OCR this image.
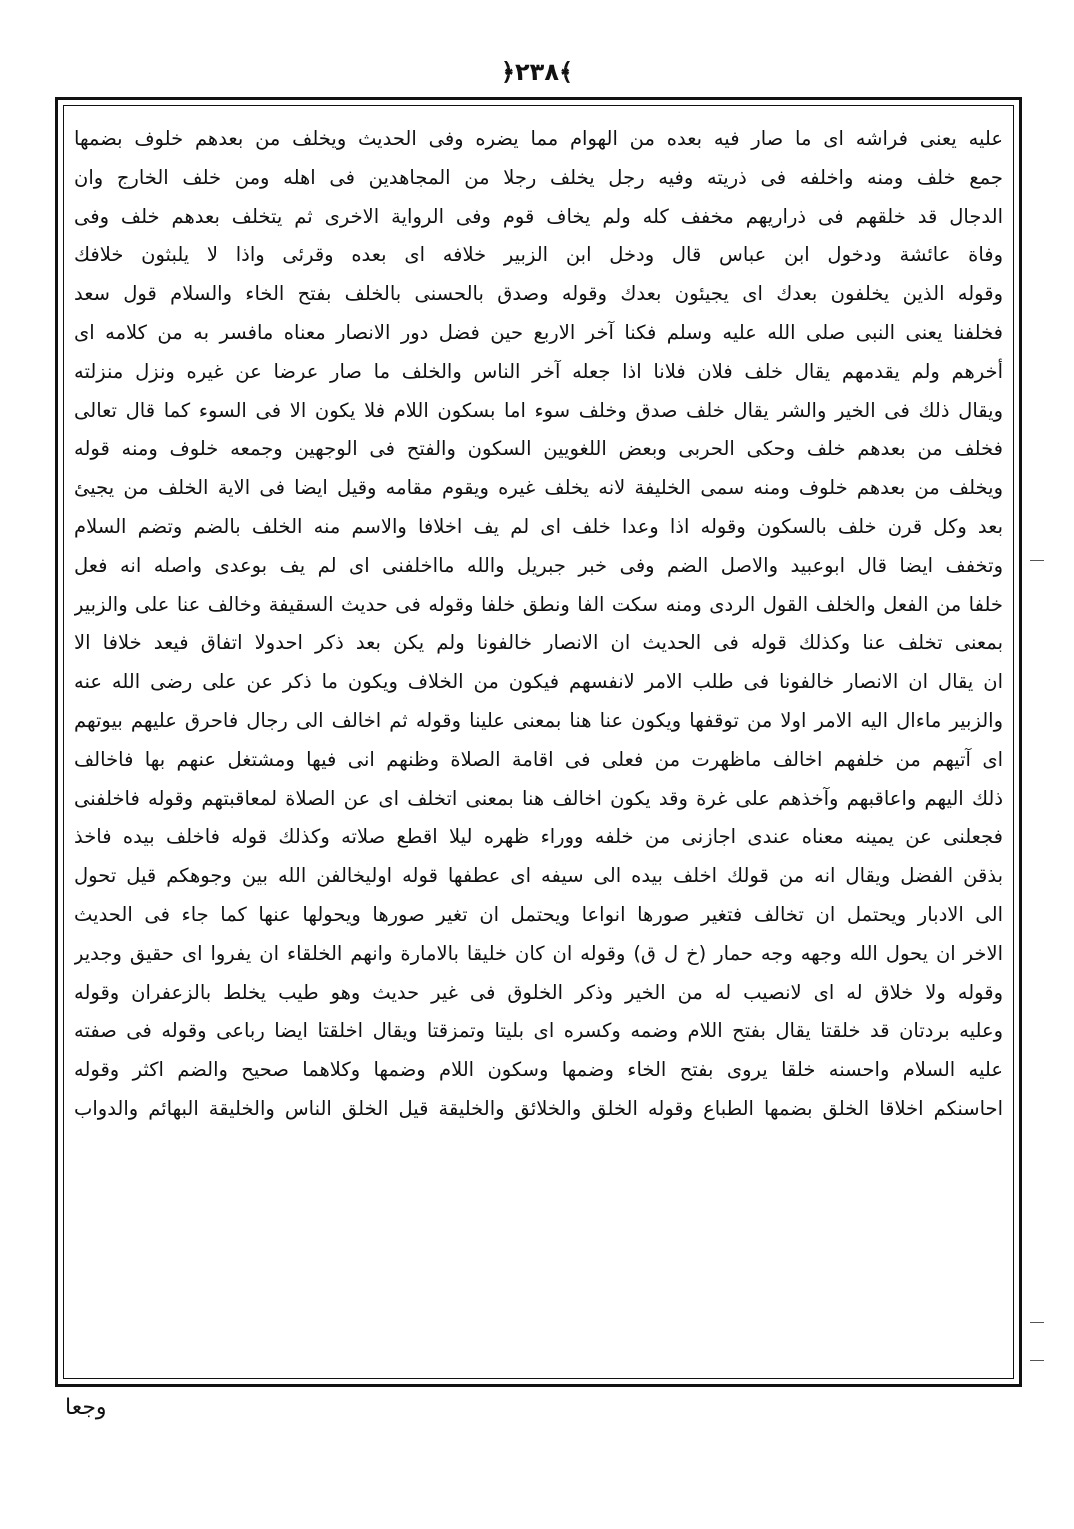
﴿٢٣٨﴾
عليه يعنى فراشه اى ما صار فيه بعده من الهوام مما يضره وفى الحديث ويخلف من بعدهم خلوف بضمها
جمع خلف ومنه واخلفه فى ذريته وفيه رجل يخلف رجلا من المجاهدين فى اهله ومن خلف الخارج وان
الدجال قد خلقهم فى ذراريهم مخفف كله ولم يخاف قوم وفى الرواية الاخرى ثم يتخلف بعدهم خلف وفى
وفاة عائشة ودخول ابن عباس قال ودخل ابن الزبير خلافه اى بعده وقرئى واذا لا يلبثون خلافك
وقوله الذين يخلفون بعدك اى يجيئون بعدك وقوله وصدق بالحسنى بالخلف بفتح الخاء والسلام قول سعد
فخلفنا يعنى النبى صلى الله عليه وسلم فكنا آخر الاربع حين فضل دور الانصار معناه مافسر به من كلامه اى
أخرهم ولم يقدمهم يقال خلف فلان فلانا اذا جعله آخر الناس والخلف ما صار عرضا عن غيره ونزل منزلته
ويقال ذلك فى الخير والشر يقال خلف صدق وخلف سوء اما بسكون اللام فلا يكون الا فى السوء كما قال تعالى
فخلف من بعدهم خلف وحكى الحربى وبعض اللغويين السكون والفتح فى الوجهين وجمعه خلوف ومنه قوله
ويخلف من بعدهم خلوف ومنه سمى الخليفة لانه يخلف غيره ويقوم مقامه وقيل ايضا فى الاية الخلف من يجيئ
بعد وكل قرن خلف بالسكون وقوله اذا وعدا خلف اى لم يف اخلافا والاسم منه الخلف بالضم وتضم السلام
وتخفف ايضا قال ابوعبيد والاصل الضم وفى خبر جبريل والله مااخلفنى اى لم يف بوعدى واصله انه فعل
خلفا من الفعل والخلف القول الردى ومنه سكت الفا ونطق خلفا وقوله فى حديث السقيفة وخالف عنا على والزبير
بمعنى تخلف عنا وكذلك قوله فى الحديث ان الانصار خالفونا ولم يكن بعد ذكر احدولا اتفاق فيعد خلافا الا
ان يقال ان الانصار خالفونا فى طلب الامر لانفسهم فيكون من الخلاف ويكون ما ذكر عن على رضى الله عنه
والزبير ماءال اليه الامر اولا من توقفها ويكون عنا هنا بمعنى علينا وقوله ثم اخالف الى رجال فاحرق عليهم بيوتهم
اى آتيهم من خلفهم اخالف ماظهرت من فعلى فى اقامة الصلاة وظنهم انى فيها ومشتغل عنهم بها فاخالف
ذلك اليهم واعاقبهم وآخذهم على غرة وقد يكون اخالف هنا بمعنى اتخلف اى عن الصلاة لمعاقبتهم وقوله فاخلفنى
فجعلنى عن يمينه معناه عندى اجازنى من خلفه ووراء ظهره ليلا اقطع صلاته وكذلك قوله فاخلف بيده فاخذ
بذقن الفضل ويقال انه من قولك اخلف بيده الى سيفه اى عطفها قوله اوليخالفن الله بين وجوهكم قيل تحول
الى الادبار ويحتمل ان تخالف فتغير صورها انواعا ويحتمل ان تغير صورها ويحولها عنها كما جاء فى الحديث
الاخر ان يحول الله وجهه وجه حمار (خ ل ق) وقوله ان كان خليقا بالامارة وانهم الخلقاء ان يفروا اى حقيق وجدير
وقوله ولا خلاق له اى لانصيب له من الخير وذكر الخلوق فى غير حديث وهو طيب يخلط بالزعفران وقوله
وعليه بردتان قد خلقتا يقال بفتح اللام وضمه وكسره اى بليتا وتمزقتا ويقال اخلقتا ايضا رباعى وقوله فى صفته
عليه السلام واحسنه خلقا يروى بفتح الخاء وضمها وسكون اللام وضمها وكلاهما صحيح والضم اكثر وقوله
احاسنكم اخلاقا الخلق بضمها الطباع وقوله الخلق والخلائق والخليقة قيل الخلق الناس والخليقة البهائم والدواب
وجعا
